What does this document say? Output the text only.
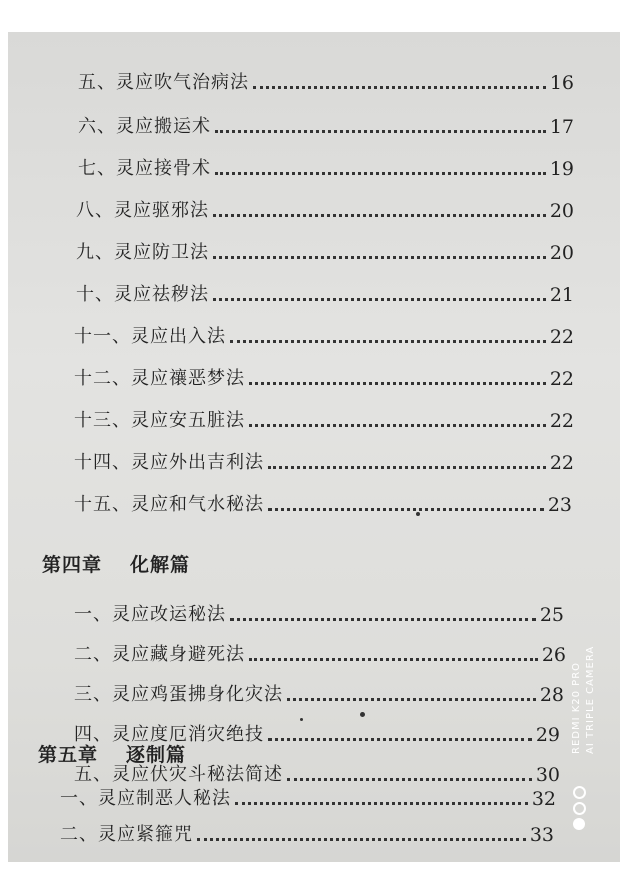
五、灵应吹气治病法	16
六、灵应搬运术	17
七、灵应接骨术	19
八、灵应驱邪法	20
九、灵应防卫法	20
十、灵应祛秽法	21
十一、灵应出入法	22
十二、灵应禳恶梦法	22
十三、灵应安五脏法	22
十四、灵应外出吉利法	22
十五、灵应和气水秘法	23
第四章 化解篇
一、灵应改运秘法	25
二、灵应藏身避死法	26
三、灵应鸡蛋拂身化灾法	28
四、灵应度厄消灾绝技	29
五、灵应伏灾斗秘法简述	30
第五章 逐制篇
一、灵应制恶人秘法	32
二、灵应紧箍咒	33
REDMI K20 PRO AI TRIPLE CAMERA
